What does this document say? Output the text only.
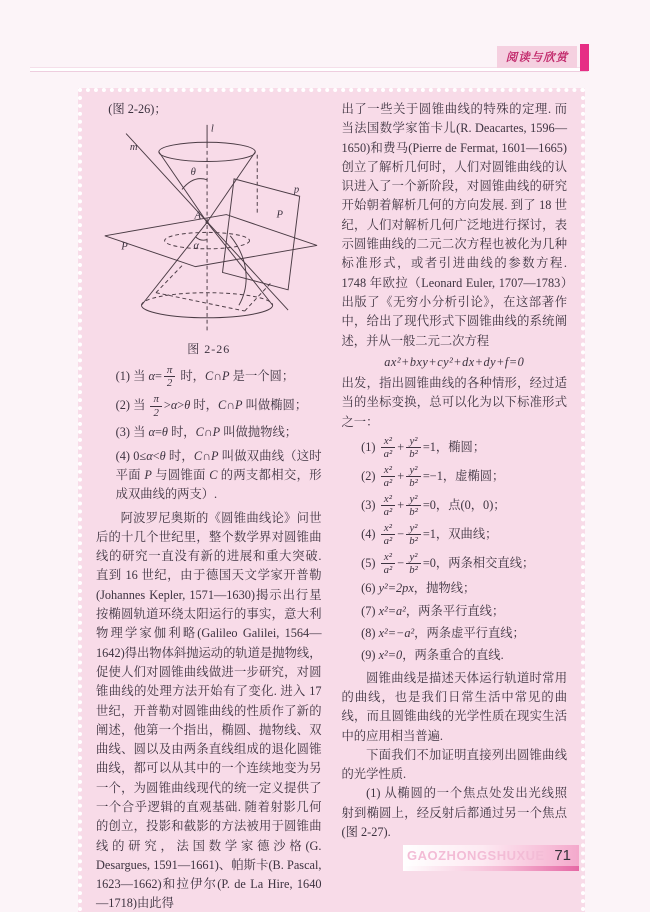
阅读与欣赏

(图 2-26)；

l
m
θ
A
P
P
p
α
图 2-26
(1) 当 $\alpha= \frac{\pi}{2}$ 时，C∩P 是一个圆；
(2) 当 $\frac{\pi}{2} >\alpha>\theta$ 时，C∩P 叫做椭圆；
(3) 当 α=θ 时，C∩P 叫做抛物线；
(4) 0≤α<θ 时，C∩P 叫做双曲线（这时平面 P 与圆锥面 C 的两支都相交，形成双曲线的两支）.

阿波罗尼奥斯的《圆锥曲线论》问世后的十几个世纪里，整个数学界对圆锥曲线的研究一直没有新的进展和重大突破. 直到 16 世纪，由于德国天文学家开普勒(Johannes Kepler, 1571—1630)揭示出行星按椭圆轨道环绕太阳运行的事实，意大利物理学家伽利略(Galileo Galilei, 1564—1642)得出物体斜抛运动的轨道是抛物线，促使人们对圆锥曲线做进一步研究，对圆锥曲线的处理方法开始有了变化. 进入 17 世纪，开普勒对圆锥曲线的性质作了新的阐述，他第一个指出，椭圆、抛物线、双曲线、圆以及由两条直线组成的退化圆锥曲线，都可以从其中的一个连续地变为另一个，为圆锥曲线现代的统一定义提供了一个合乎逻辑的直观基础. 随着射影几何的创立，投影和截影的方法被用于圆锥曲线的研究，法国数学家德沙格(G. Desargues, 1591—1661)、帕斯卡(B. Pascal, 1623—1662)和拉伊尔(P. de La Hire, 1640—1718)由此得

出了一些关于圆锥曲线的特殊的定理. 而当法国数学家笛卡儿(R. Deacartes, 1596—1650)和费马(Pierre de Fermat, 1601—1665)创立了解析几何时，人们对圆锥曲线的认识进入了一个新阶段，对圆锥曲线的研究开始朝着解析几何的方向发展. 到了 18 世纪，人们对解析几何广泛地进行探讨，表示圆锥曲线的二元二次方程也被化为几种标准形式，或者引进曲线的参数方程. 1748 年欧拉（Leonard Euler, 1707—1783）出版了《无穷小分析引论》，在这部著作中，给出了现代形式下圆锥曲线的系统阐述，并从一般二元二次方程

ax²+bxy+cy²+dx+dy+f=0

出发，指出圆锥曲线的各种情形，经过适当的坐标变换，总可以化为以下标准形式之一：

$(1) \frac{\text{x²}}{\text{a²}} + \frac{\text{y²}}{\text{b²}} =1$，椭圆；
$(2) \frac{\text{x²}}{\text{a²}} + \frac{\text{y²}}{\text{b²}} =-1$，虚椭圆；
$(3) \frac{\text{x²}}{\text{a²}} + \frac{\text{y²}}{\text{b²}} =0$，点(0，0)；
$(4) \frac{\text{x²}}{\text{a²}} - \frac{\text{y²}}{\text{b²}} =1$，双曲线；
$(5) \frac{\text{x²}}{\text{a²}} - \frac{\text{y²}}{\text{b²}} =0$，两条相交直线；
(6) y²=2px，抛物线；
(7) x²=a²，两条平行直线；
(8) x²=−a²，两条虚平行直线；
(9) x²=0，两条重合的直线.

圆锥曲线是描述天体运行轨道时常用的曲线，也是我们日常生活中常见的曲线，而且圆锥曲线的光学性质在现实生活中的应用相当普遍.

下面我们不加证明直接列出圆锥曲线的光学性质.

(1) 从椭圆的一个焦点处发出光线照射到椭圆上，经反射后都通过另一个焦点(图 2-27).

GAOZHONGSHUXUE 71
